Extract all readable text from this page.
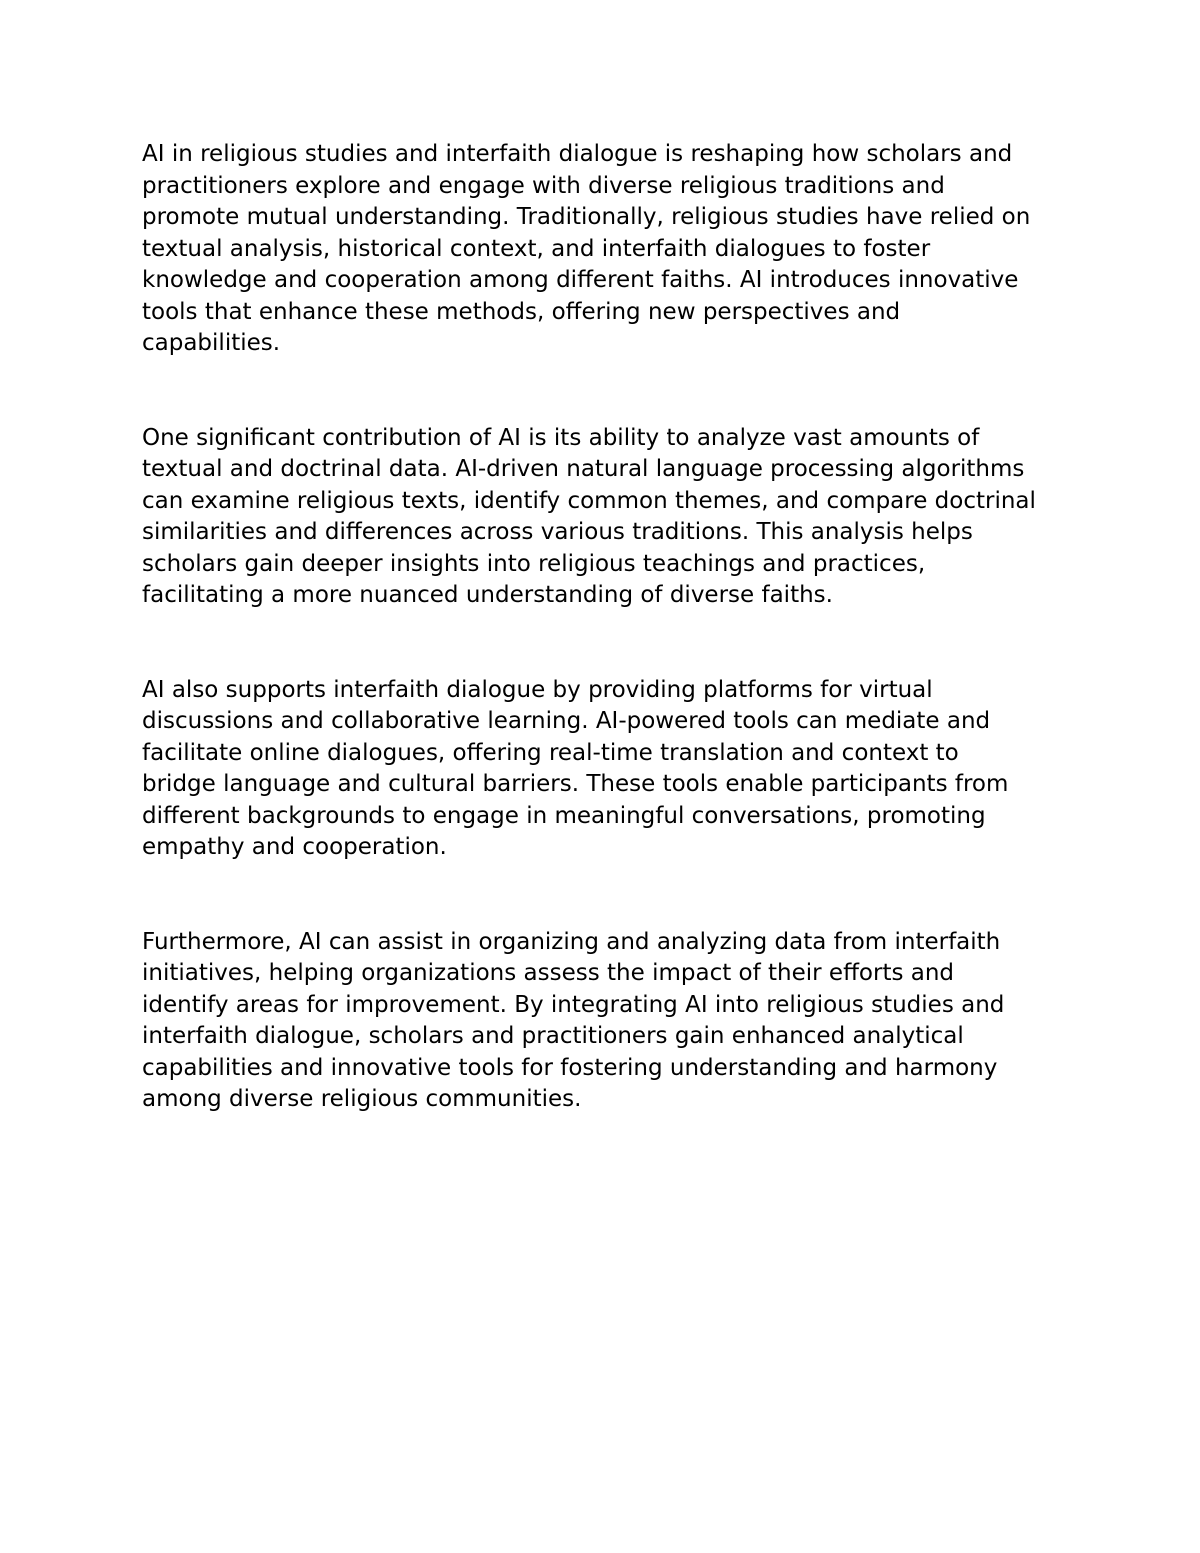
AI in religious studies and interfaith dialogue is reshaping how scholars and
practitioners explore and engage with diverse religious traditions and
promote mutual understanding. Traditionally, religious studies have relied on
textual analysis, historical context, and interfaith dialogues to foster
knowledge and cooperation among different faiths. AI introduces innovative
tools that enhance these methods, offering new perspectives and
capabilities.

One significant contribution of AI is its ability to analyze vast amounts of
textual and doctrinal data. AI-driven natural language processing algorithms
can examine religious texts, identify common themes, and compare doctrinal
similarities and differences across various traditions. This analysis helps
scholars gain deeper insights into religious teachings and practices,
facilitating a more nuanced understanding of diverse faiths.

AI also supports interfaith dialogue by providing platforms for virtual
discussions and collaborative learning. AI-powered tools can mediate and
facilitate online dialogues, offering real-time translation and context to
bridge language and cultural barriers. These tools enable participants from
different backgrounds to engage in meaningful conversations, promoting
empathy and cooperation.

Furthermore, AI can assist in organizing and analyzing data from interfaith
initiatives, helping organizations assess the impact of their efforts and
identify areas for improvement. By integrating AI into religious studies and
interfaith dialogue, scholars and practitioners gain enhanced analytical
capabilities and innovative tools for fostering understanding and harmony
among diverse religious communities.
